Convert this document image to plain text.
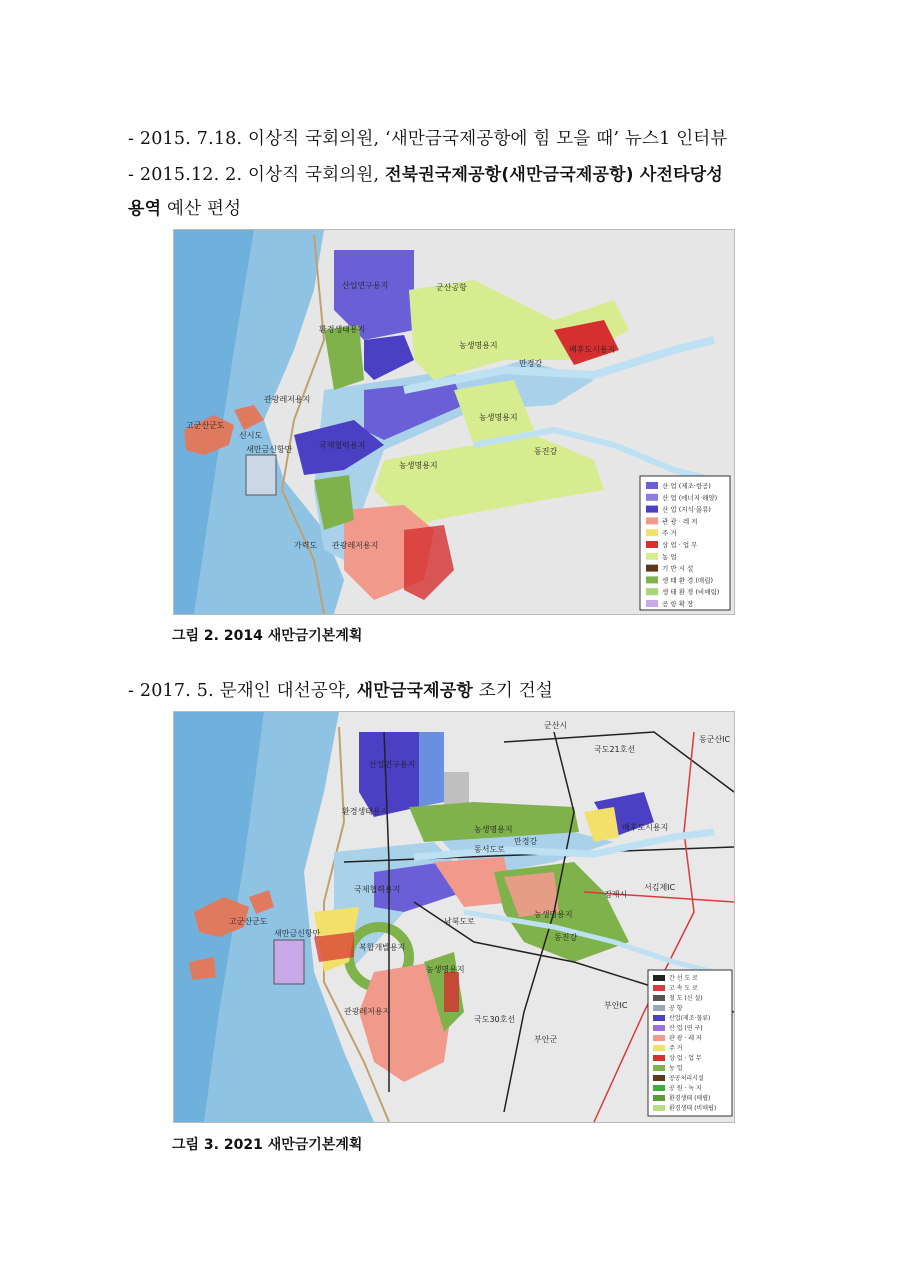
- 2015. 7.18. 이상직 국회의원, ‘새만금국제공항에 힘 모을 때’ 뉴스1 인터뷰
- 2015.12. 2. 이상직 국회의원, 전북권국제공항(새만금국제공항) 사전타당성
용역 예산 편성
산업연구용지
환경생태용지
관광레저용지
국제협력용지
농생명용지
농생명용지
농생명용지
배후도시용지
관광레저용지
군산공항
고군산군도
신시도
새만금신항만
만경강
동진강
가력도
산 업 (제조·항공)
산 업 (에너지·해양)
산 업 (지식·물류)
관 광 · 레 저
주 거
상 업 · 업 무
농 업
기 반 시 설
생 태 환 경 (매립)
생 태 환 경 (비매립)
공 항 확 장
그림 2. 2014 새만금기본계획
- 2017. 5. 문재인 대선공약, 새만금국제공항 조기 건설
산업연구용지
환경생태용지
국제협력용지
복합개발용지
관광레저용지
농생명용지
농생명용지
농생명용지
배후도시용지
군산시
김제시
부안군
고군산군도
새만금신항만
동서도로
남북도로
만경강
동진강
동군산IC
서김제IC
부안IC
국도21호선
국도30호선
간 선 도 로
고 속 도 로
철 도 (신 설)
공 항
산업(제조·물류)
산 업 (연 구)
관 광 · 레 저
주 거
상 업 · 업 무
농 업
공공처리시설
공 원 · 녹 지
환경생태 (매립)
환경생태 (비매립)
그림 3. 2021 새만금기본계획
